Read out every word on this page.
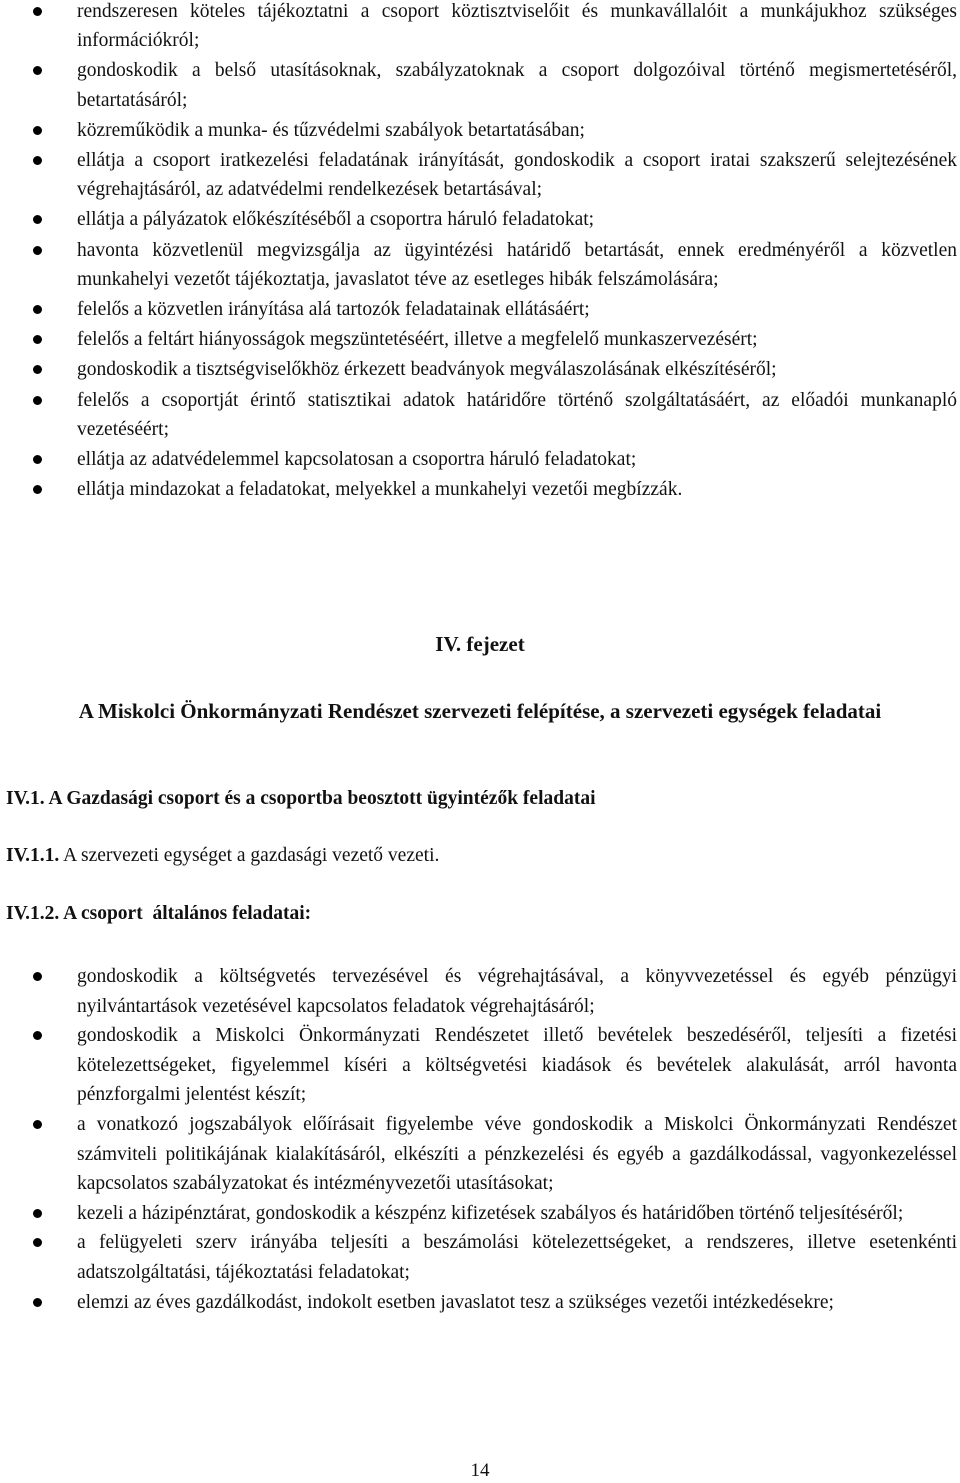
rendszeresen köteles tájékoztatni a csoport köztisztviselőit és munkavállalóit a munkájukhoz szükséges információkról;
gondoskodik a belső utasításoknak, szabályzatoknak a csoport dolgozóival történő megismertetéséről, betartatásáról;
közreműködik a munka- és tűzvédelmi szabályok betartatásában;
ellátja a csoport iratkezelési feladatának irányítását, gondoskodik a csoport iratai szakszerű selejtezésének végrehajtásáról, az adatvédelmi rendelkezések betartásával;
ellátja a pályázatok előkészítéséből a csoportra háruló feladatokat;
havonta közvetlenül megvizsgálja az ügyintézési határidő betartását, ennek eredményéről a közvetlen munkahelyi vezetőt tájékoztatja, javaslatot téve az esetleges hibák felszámolására;
felelős a közvetlen irányítása alá tartozók feladatainak ellátásáért;
felelős a feltárt hiányosságok megszüntetéséért, illetve a megfelelő munkaszervezésért;
gondoskodik a tisztségviselőkhöz érkezett beadványok megválaszolásának elkészítéséről;
felelős a csoportját érintő statisztikai adatok határidőre történő szolgáltatásáért, az előadói munkanapló vezetéséért;
ellátja az adatvédelemmel kapcsolatosan a csoportra háruló feladatokat;
ellátja mindazokat a feladatokat, melyekkel a munkahelyi vezetői megbízzák.
IV. fejezet
A Miskolci Önkormányzati Rendészet szervezeti felépítése, a szervezeti egységek feladatai
IV.1. A Gazdasági csoport és a csoportba beosztott ügyintézők feladatai
IV.1.1. A szervezeti egységet a gazdasági vezető vezeti.
IV.1.2. A csoport  általános feladatai:
gondoskodik a költségvetés tervezésével és végrehajtásával, a könyvvezetéssel és egyéb pénzügyi nyilvántartások vezetésével kapcsolatos feladatok végrehajtásáról;
gondoskodik a Miskolci Önkormányzati Rendészetet illető bevételek beszedéséről, teljesíti a fizetési kötelezettségeket, figyelemmel kíséri a költségvetési kiadások és bevételek alakulását, arról havonta pénzforgalmi jelentést készít;
a vonatkozó jogszabályok előírásait figyelembe véve gondoskodik a Miskolci Önkormányzati Rendészet számviteli politikájának kialakításáról, elkészíti a pénzkezelési és egyéb a gazdálkodással, vagyonkezeléssel kapcsolatos szabályzatokat és intézményvezetői utasításokat;
kezeli a házipénztárat, gondoskodik a készpénz kifizetések szabályos és határidőben történő teljesítéséről;
a felügyeleti szerv irányába teljesíti a beszámolási kötelezettségeket, a rendszeres, illetve esetenkénti adatszolgáltatási, tájékoztatási feladatokat;
elemzi az éves gazdálkodást, indokolt esetben javaslatot tesz a szükséges vezetői intézkedésekre;
14
